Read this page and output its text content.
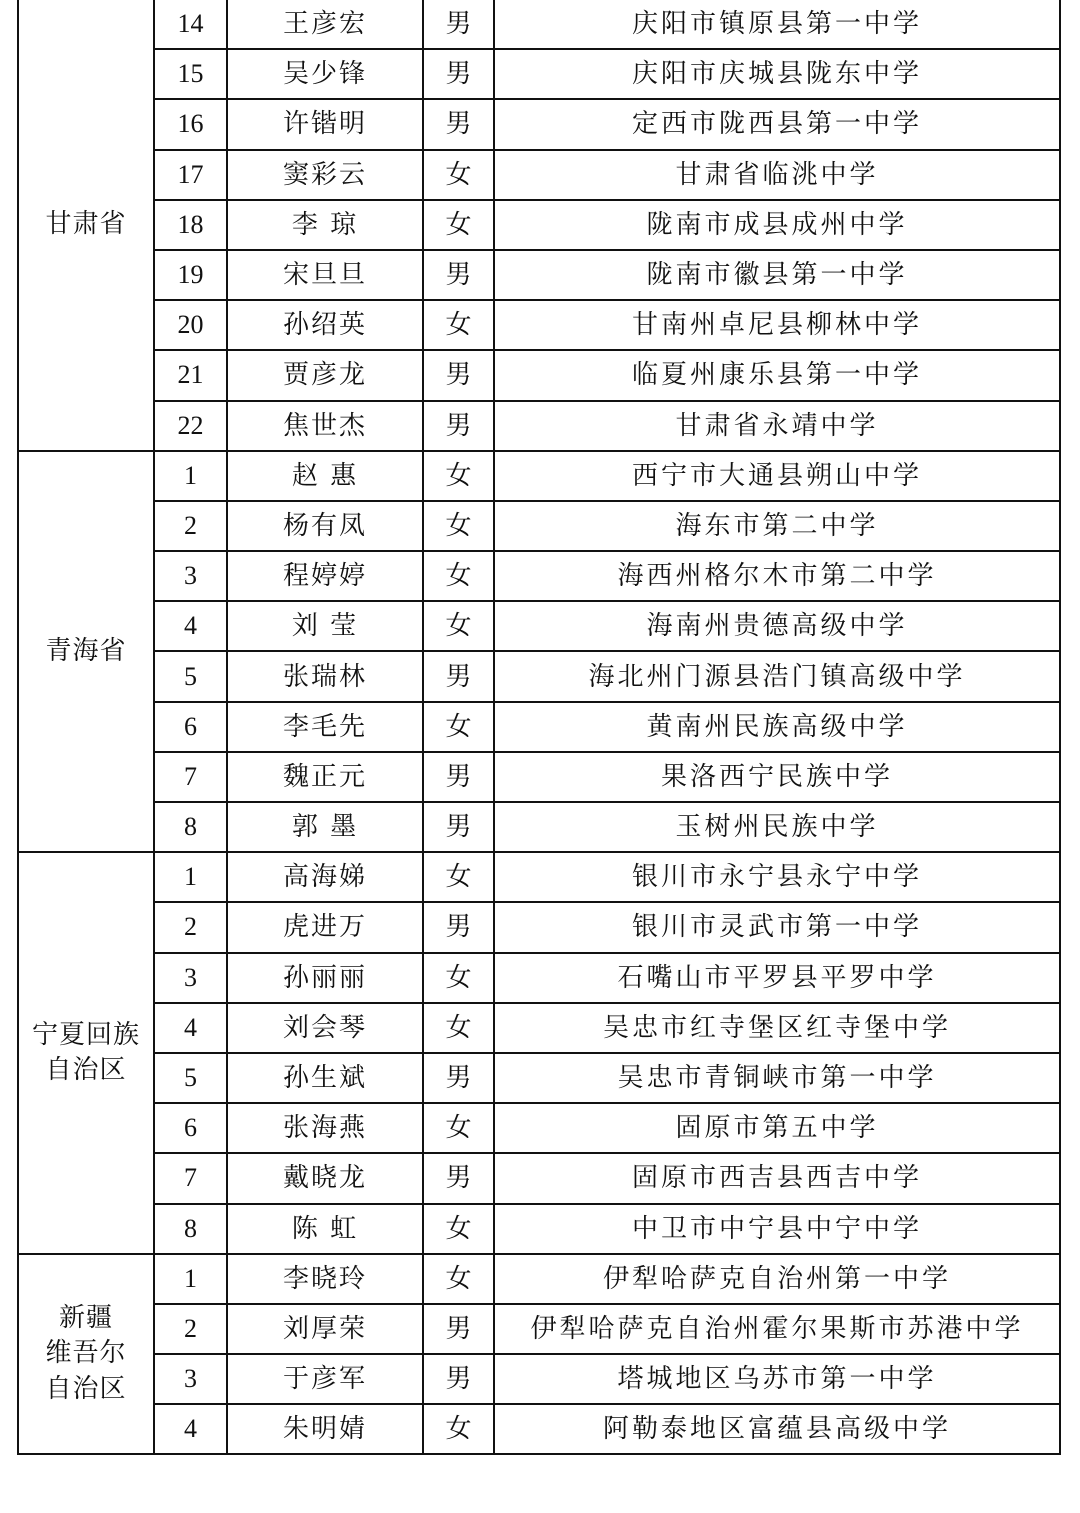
甘肃省	14	王彦宏	男	庆阳市镇原县第一中学
	15	吴少锋	男	庆阳市庆城县陇东中学
	16	许锴明	男	定西市陇西县第一中学
	17	窦彩云	女	甘肃省临洮中学
	18	李 琼	女	陇南市成县成州中学
	19	宋旦旦	男	陇南市徽县第一中学
	20	孙绍英	女	甘南州卓尼县柳林中学
	21	贾彦龙	男	临夏州康乐县第一中学
	22	焦世杰	男	甘肃省永靖中学

青海省	1	赵 惠	女	西宁市大通县朔山中学
	2	杨有凤	女	海东市第二中学
	3	程婷婷	女	海西州格尔木市第二中学
	4	刘 莹	女	海南州贵德高级中学
	5	张瑞林	男	海北州门源县浩门镇高级中学
	6	李毛先	女	黄南州民族高级中学
	7	魏正元	男	果洛西宁民族中学
	8	郭 墨	男	玉树州民族中学

宁夏回族
自治区	1	高海娣	女	银川市永宁县永宁中学
	2	虎进万	男	银川市灵武市第一中学
	3	孙丽丽	女	石嘴山市平罗县平罗中学
	4	刘会琴	女	吴忠市红寺堡区红寺堡中学
	5	孙生斌	男	吴忠市青铜峡市第一中学
	6	张海燕	女	固原市第五中学
	7	戴晓龙	男	固原市西吉县西吉中学
	8	陈 虹	女	中卫市中宁县中宁中学

新疆
维吾尔
自治区	1	李晓玲	女	伊犁哈萨克自治州第一中学
	2	刘厚荣	男	伊犁哈萨克自治州霍尔果斯市苏港中学
	3	于彦军	男	塔城地区乌苏市第一中学
	4	朱明婧	女	阿勒泰地区富蕴县高级中学
